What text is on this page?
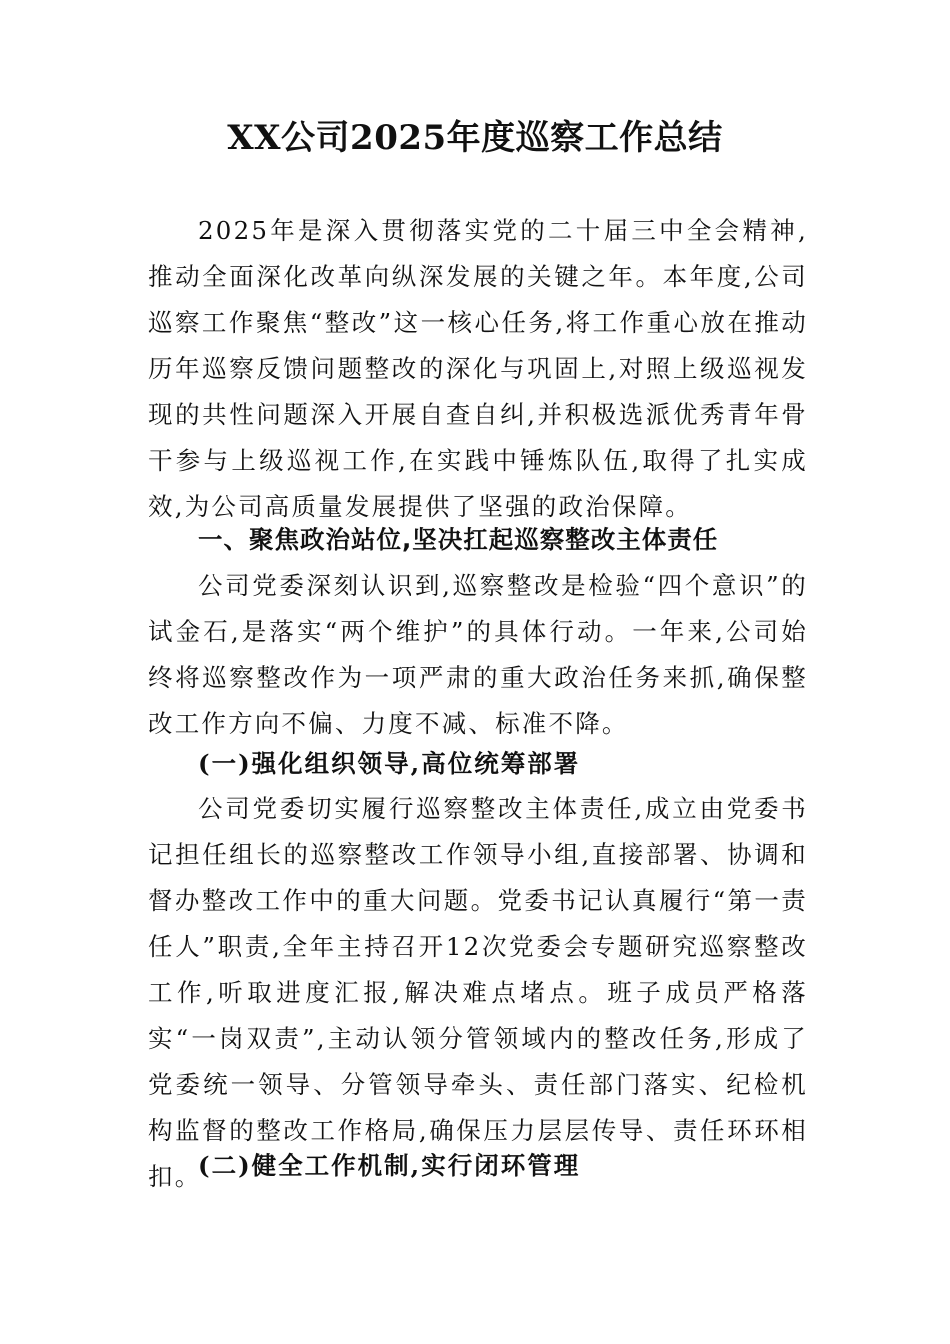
XX公司2025年度巡察工作总结

2025年是深入贯彻落实党的二十届三中全会精神,推动全面深化改革向纵深发展的关键之年。本年度,公司巡察工作聚焦“整改”这一核心任务,将工作重心放在推动历年巡察反馈问题整改的深化与巩固上,对照上级巡视发现的共性问题深入开展自查自纠,并积极选派优秀青年骨干参与上级巡视工作,在实践中锤炼队伍,取得了扎实成效,为公司高质量发展提供了坚强的政治保障。

一、聚焦政治站位,坚决扛起巡察整改主体责任

公司党委深刻认识到,巡察整改是检验“四个意识”的试金石,是落实“两个维护”的具体行动。一年来,公司始终将巡察整改作为一项严肃的重大政治任务来抓,确保整改工作方向不偏、力度不减、标准不降。

(一)强化组织领导,高位统筹部署

公司党委切实履行巡察整改主体责任,成立由党委书记担任组长的巡察整改工作领导小组,直接部署、协调和督办整改工作中的重大问题。党委书记认真履行“第一责任人”职责,全年主持召开12次党委会专题研究巡察整改工作,听取进度汇报,解决难点堵点。班子成员严格落实“一岗双责”,主动认领分管领域内的整改任务,形成了党委统一领导、分管领导牵头、责任部门落实、纪检机构监督的整改工作格局,确保压力层层传导、责任环环相扣。

(二)健全工作机制,实行闭环管理
